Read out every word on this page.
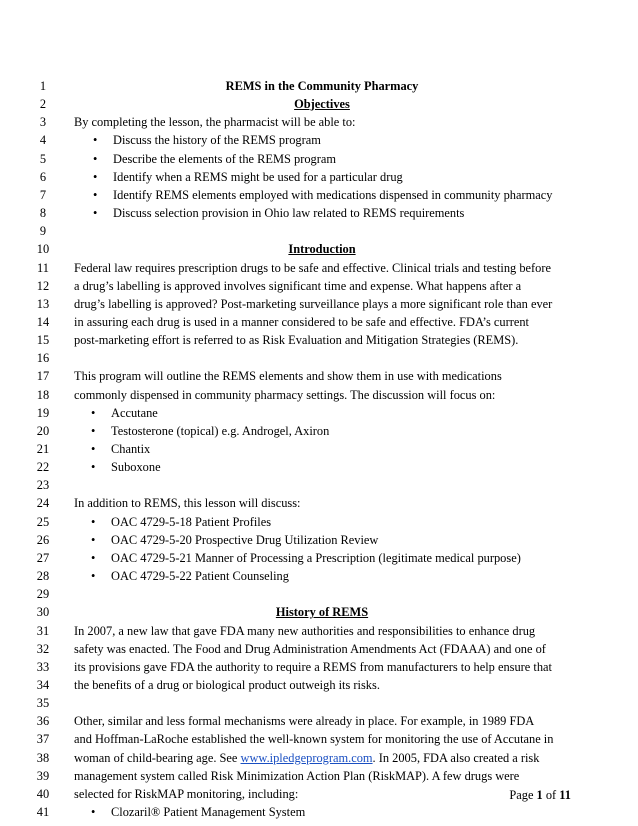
1	REMS in the Community Pharmacy
2	Objectives
3	By completing the lesson, the pharmacist will be able to:
4	• Discuss the history of the REMS program
5	• Describe the elements of the REMS program
6	• Identify when a REMS might be used for a particular drug
7	• Identify REMS elements employed with medications dispensed in community pharmacy
8	• Discuss selection provision in Ohio law related to REMS requirements
9
10	Introduction
11	Federal law requires prescription drugs to be safe and effective. Clinical trials and testing before
12	a drug’s labelling is approved involves significant time and expense. What happens after a
13	drug’s labelling is approved? Post-marketing surveillance plays a more significant role than ever
14	in assuring each drug is used in a manner considered to be safe and effective. FDA’s current
15	post-marketing effort is referred to as Risk Evaluation and Mitigation Strategies (REMS).
16
17	This program will outline the REMS elements and show them in use with medications
18	commonly dispensed in community pharmacy settings. The discussion will focus on:
19	• Accutane
20	• Testosterone (topical) e.g. Androgel, Axiron
21	• Chantix
22	• Suboxone
23
24	In addition to REMS, this lesson will discuss:
25	• OAC 4729-5-18 Patient Profiles
26	• OAC 4729-5-20 Prospective Drug Utilization Review
27	• OAC 4729-5-21 Manner of Processing a Prescription (legitimate medical purpose)
28	• OAC 4729-5-22 Patient Counseling
29
30	History of REMS
31	In 2007, a new law that gave FDA many new authorities and responsibilities to enhance drug
32	safety was enacted. The Food and Drug Administration Amendments Act (FDAAA) and one of
33	its provisions gave FDA the authority to require a REMS from manufacturers to help ensure that
34	the benefits of a drug or biological product outweigh its risks.
35
36	Other, similar and less formal mechanisms were already in place. For example, in 1989 FDA
37	and Hoffman-LaRoche established the well-known system for monitoring the use of Accutane in
38	woman of child-bearing age. See www.ipledgeprogram.com. In 2005, FDA also created a risk
39	management system called Risk Minimization Action Plan (RiskMAP). A few drugs were
40	selected for RiskMAP monitoring, including:
41	• Clozaril® Patient Management System
Page 1 of 11
